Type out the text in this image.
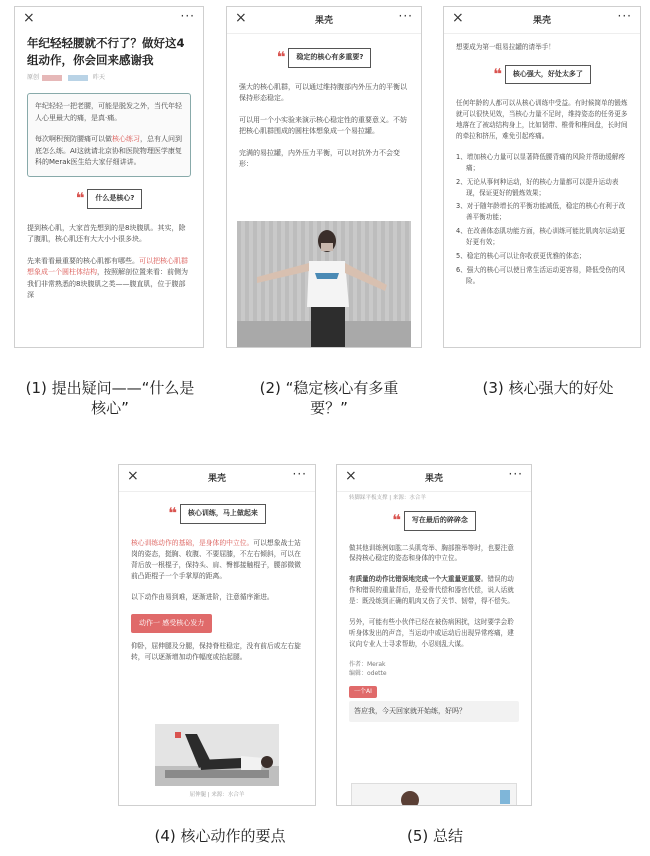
×	···
年纪轻轻腰就不行了？做好这4组动作，你会回来感谢我
原创	昨天

年纪轻轻一把老腰，可能是脱发之外，当代年轻人心里最大的痛，是真·痛。

每次啊积预防腰痛可以做核心练习，总有人问到底怎么练。AI这就请北京协和医院物理医学康复科的Merak医生给大家仔细讲讲。

❝	什么是核心?

提到核心肌，大家首先想到的是8块腹肌。其实，除了腹肌，核心肌还有大大小小很多块。

先来看看最重要的核心肌都有哪些。可以把核心肌群想象成一个圆柱体结构，按照解剖位置来看：前侧为我们非常熟悉的8块腹肌之类——腹直肌，位于腹部深

×	果壳	···
❝	稳定的核心有多重要?

强大的核心肌群，可以通过维持腹部内外压力的平衡以保持形态稳定。

可以用一个小实验来演示核心稳定性的重要意义。不妨把核心肌群围成的圆柱体想象成一个易拉罐。

完满的易拉罐，内外压力平衡，可以对抗外力不会变形：

×	果壳	···

想要成为第一组易拉罐的请举手！

❝	核心强大，好处太多了

任何年龄的人都可以从核心训练中受益。有时候简单的锻炼就可以很快见效，当核心力量不足时，维持姿态的任务更多地落在了被动结构身上，比如韧带、椎骨和椎间盘，长时间的牵拉和挤压，难免引起疼痛。

1、增加核心力量可以显著降低腰背痛的风险并帮助缓解疼痛；
2、无论从事何种运动，好的核心力量都可以提升运动表现，保证更好的锻炼效果；
3、对于随年龄增长的平衡功能减低，稳定的核心有利于改善平衡功能；
4、在改善体态肌功能方面，核心训练可能比肌肉尔运动更好更有效；
5、稳定的核心可以让你收获更优雅的体态；
6、强大的核心可以使日常生活运动更容易，降低受伤的风险。
(1) 提出疑问——“什么是核心”
(2) “稳定核心有多重要？”
(3) 核心强大的好处
×	果壳	···
❝	核心训练，马上做起来

核心训练动作的基础，是身体的中立位。可以想象战士站岗的姿态，挺胸、收腹、不要屈膝，不左右倾斜，可以在背后放一根棍子，保持头、肩、臀都接触棍子，腰部微微前凸距棍子一个手掌厚的距离。

以下动作由易到难，逐渐进阶，注意循序渐进。

动作一 感受核心发力

仰卧，屈伸腿及分腿，保持脊柱稳定，没有前后或左右旋转，可以逐渐增加动作幅度或抬起腿。

屈伸腿 | 来源：水合羊
×	果壳	···
转脚踩平板支撑 | 来源：水合羊
❝	写在最后的碎碎念

做其他训练例如肱二头肌弯举、胸部推举等时，也要注意保持核心稳定的姿态和身体的中立位。

有质量的动作比错误地完成一个大重量更重要。错误的动作和错误的重量背后，是爱骨代偿和器官代偿，说人话就是：既没练到正确的肌肉又伤了关节、韧带，得不偿失。

另外，可能有些小伙伴已经在被伤病困扰，这时要学会聆听身体发出的声音，当运动中或运动后出现异常疼痛，建议向专业人士寻求帮助，小忍则乱大谋。

作者：Merak
编辑：odette
一个AI
答应我，今天回家就开始练，好吗？
(4) 核心动作的要点	(5) 总结
